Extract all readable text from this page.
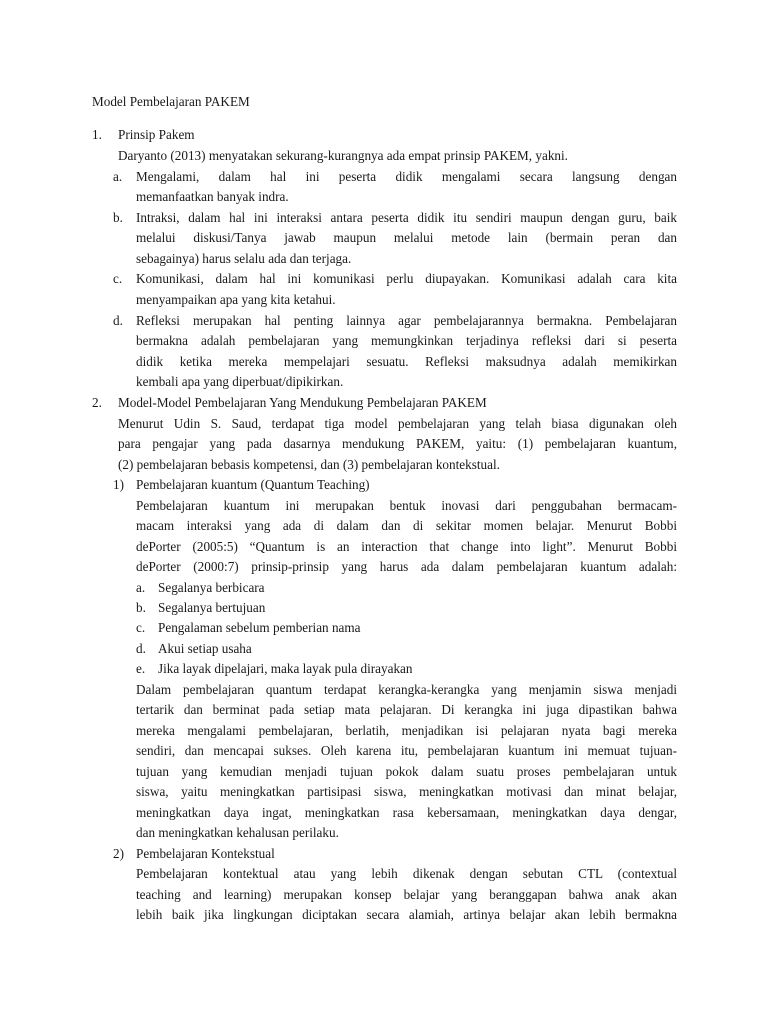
Model Pembelajaran PAKEM
1. Prinsip Pakem
Daryanto (2013) menyatakan sekurang-kurangnya ada empat prinsip PAKEM, yakni.
a. Mengalami, dalam hal ini peserta didik mengalami secara langsung dengan
memanfaatkan banyak indra.
b. Intraksi, dalam hal ini interaksi antara peserta didik itu sendiri maupun dengan guru, baik
melalui diskusi/Tanya jawab maupun melalui metode lain (bermain peran dan
sebagainya) harus selalu ada dan terjaga.
c. Komunikasi, dalam hal ini komunikasi perlu diupayakan. Komunikasi adalah cara kita
menyampaikan apa yang kita ketahui.
d. Refleksi merupakan hal penting lainnya agar pembelajarannya bermakna. Pembelajaran
bermakna adalah pembelajaran yang memungkinkan terjadinya refleksi dari si peserta
didik ketika mereka mempelajari sesuatu. Refleksi maksudnya adalah memikirkan
kembali apa yang diperbuat/dipikirkan.
2. Model-Model Pembelajaran Yang Mendukung Pembelajaran PAKEM
Menurut Udin S. Saud, terdapat tiga model pembelajaran yang telah biasa digunakan oleh
para pengajar yang pada dasarnya mendukung PAKEM, yaitu: (1) pembelajaran kuantum,
(2) pembelajaran bebasis kompetensi, dan (3) pembelajaran kontekstual.
1) Pembelajaran kuantum (Quantum Teaching)
Pembelajaran kuantum ini merupakan bentuk inovasi dari penggubahan bermacam-
macam interaksi yang ada di dalam dan di sekitar momen belajar. Menurut Bobbi
dePorter (2005:5) “Quantum is an interaction that change into light”. Menurut Bobbi
dePorter (2000:7) prinsip-prinsip yang harus ada dalam pembelajaran kuantum adalah:
a. Segalanya berbicara
b. Segalanya bertujuan
c. Pengalaman sebelum pemberian nama
d. Akui setiap usaha
e. Jika layak dipelajari, maka layak pula dirayakan
Dalam pembelajaran quantum terdapat kerangka-kerangka yang menjamin siswa menjadi
tertarik dan berminat pada setiap mata pelajaran. Di kerangka ini juga dipastikan bahwa
mereka mengalami pembelajaran, berlatih, menjadikan isi pelajaran nyata bagi mereka
sendiri, dan mencapai sukses. Oleh karena itu, pembelajaran kuantum ini memuat tujuan-
tujuan yang kemudian menjadi tujuan pokok dalam suatu proses pembelajaran untuk
siswa, yaitu meningkatkan partisipasi siswa, meningkatkan motivasi dan minat belajar,
meningkatkan daya ingat, meningkatkan rasa kebersamaan, meningkatkan daya dengar,
dan meningkatkan kehalusan perilaku.
2) Pembelajaran Kontekstual
Pembelajaran kontektual atau yang lebih dikenak dengan sebutan CTL (contextual
teaching and learning) merupakan konsep belajar yang beranggapan bahwa anak akan
lebih baik jika lingkungan diciptakan secara alamiah, artinya belajar akan lebih bermakna
